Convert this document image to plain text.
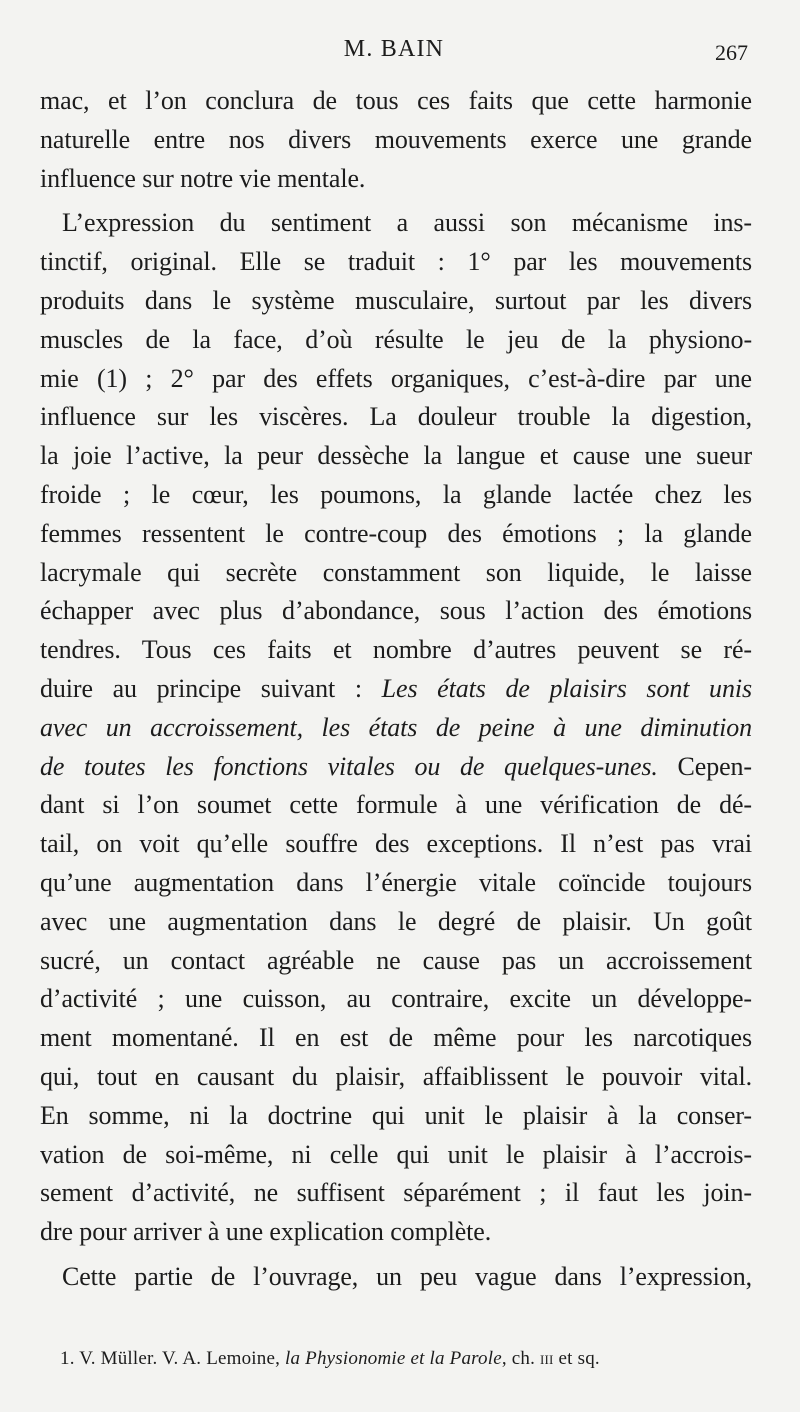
M. BAIN	267
mac, et l’on conclura de tous ces faits que cette harmonie
naturelle entre nos divers mouvements exerce une grande
influence sur notre vie mentale.
L’expression du sentiment a aussi son mécanisme ins-
tinctif, original. Elle se traduit : 1° par les mouvements
produits dans le système musculaire, surtout par les divers
muscles de la face, d’où résulte le jeu de la physiono-
mie (1) ; 2° par des effets organiques, c’est-à-dire par une
influence sur les viscères. La douleur trouble la digestion,
la joie l’active, la peur dessèche la langue et cause une sueur
froide ; le cœur, les poumons, la glande lactée chez les
femmes ressentent le contre-coup des émotions ; la glande
lacrymale qui secrète constamment son liquide, le laisse
échapper avec plus d’abondance, sous l’action des émotions
tendres. Tous ces faits et nombre d’autres peuvent se ré-
duire au principe suivant : Les états de plaisirs sont unis
avec un accroissement, les états de peine à une diminution
de toutes les fonctions vitales ou de quelques-unes. Cepen-
dant si l’on soumet cette formule à une vérification de dé-
tail, on voit qu’elle souffre des exceptions. Il n’est pas vrai
qu’une augmentation dans l’énergie vitale coïncide toujours
avec une augmentation dans le degré de plaisir. Un goût
sucré, un contact agréable ne cause pas un accroissement
d’activité ; une cuisson, au contraire, excite un développe-
ment momentané. Il en est de même pour les narcotiques
qui, tout en causant du plaisir, affaiblissent le pouvoir vital.
En somme, ni la doctrine qui unit le plaisir à la conser-
vation de soi-même, ni celle qui unit le plaisir à l’accrois-
sement d’activité, ne suffisent séparément ; il faut les join-
dre pour arriver à une explication complète.
Cette partie de l’ouvrage, un peu vague dans l’expression,
1. V. Müller. V. A. Lemoine, la Physionomie et la Parole, ch. iii et sq.
